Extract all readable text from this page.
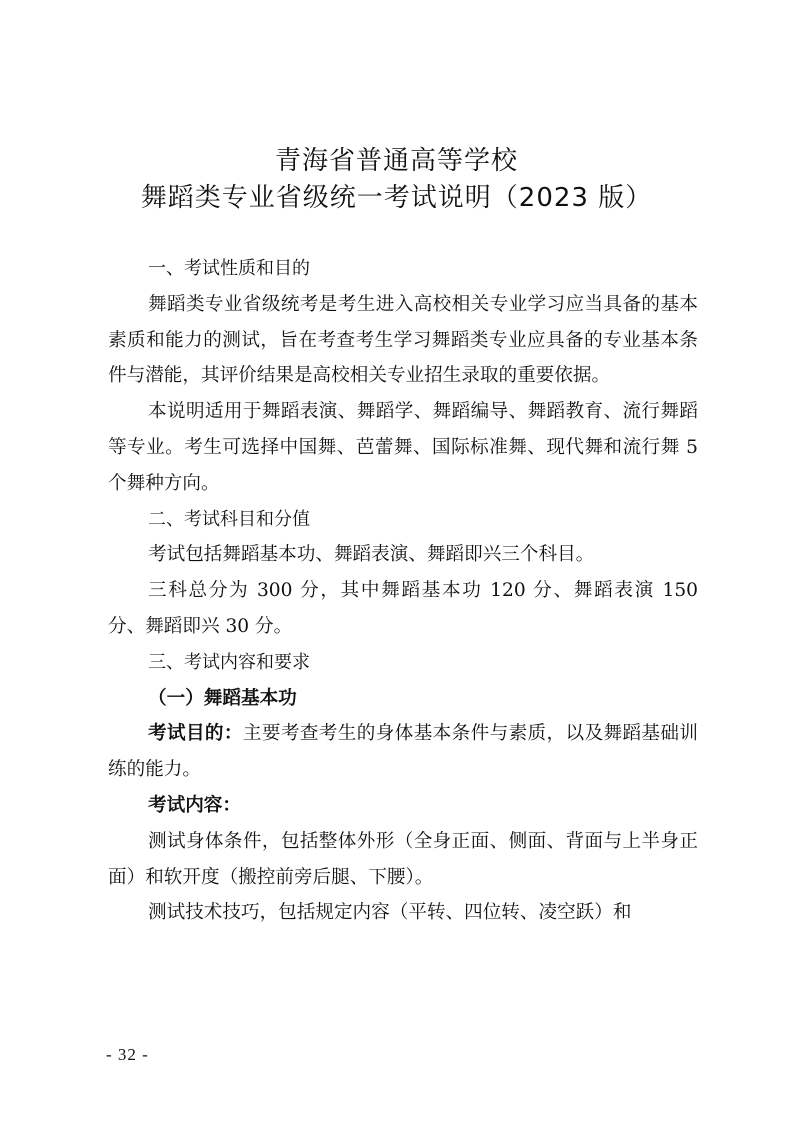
青海省普通高等学校
舞蹈类专业省级统一考试说明（2023 版）

一、考试性质和目的

舞蹈类专业省级统考是考生进入高校相关专业学习应当具备的基本素质和能力的测试，旨在考查考生学习舞蹈类专业应具备的专业基本条件与潜能，其评价结果是高校相关专业招生录取的重要依据。

本说明适用于舞蹈表演、舞蹈学、舞蹈编导、舞蹈教育、流行舞蹈等专业。考生可选择中国舞、芭蕾舞、国际标准舞、现代舞和流行舞 5 个舞种方向。

二、考试科目和分值

考试包括舞蹈基本功、舞蹈表演、舞蹈即兴三个科目。

三科总分为 300 分，其中舞蹈基本功 120 分、舞蹈表演 150 分、舞蹈即兴 30 分。

三、考试内容和要求

（一）舞蹈基本功

考试目的：主要考查考生的身体基本条件与素质，以及舞蹈基础训练的能力。

考试内容：

测试身体条件，包括整体外形（全身正面、侧面、背面与上半身正面）和软开度（搬控前旁后腿、下腰）。

测试技术技巧，包括规定内容（平转、四位转、凌空跃）和

- 32 -
